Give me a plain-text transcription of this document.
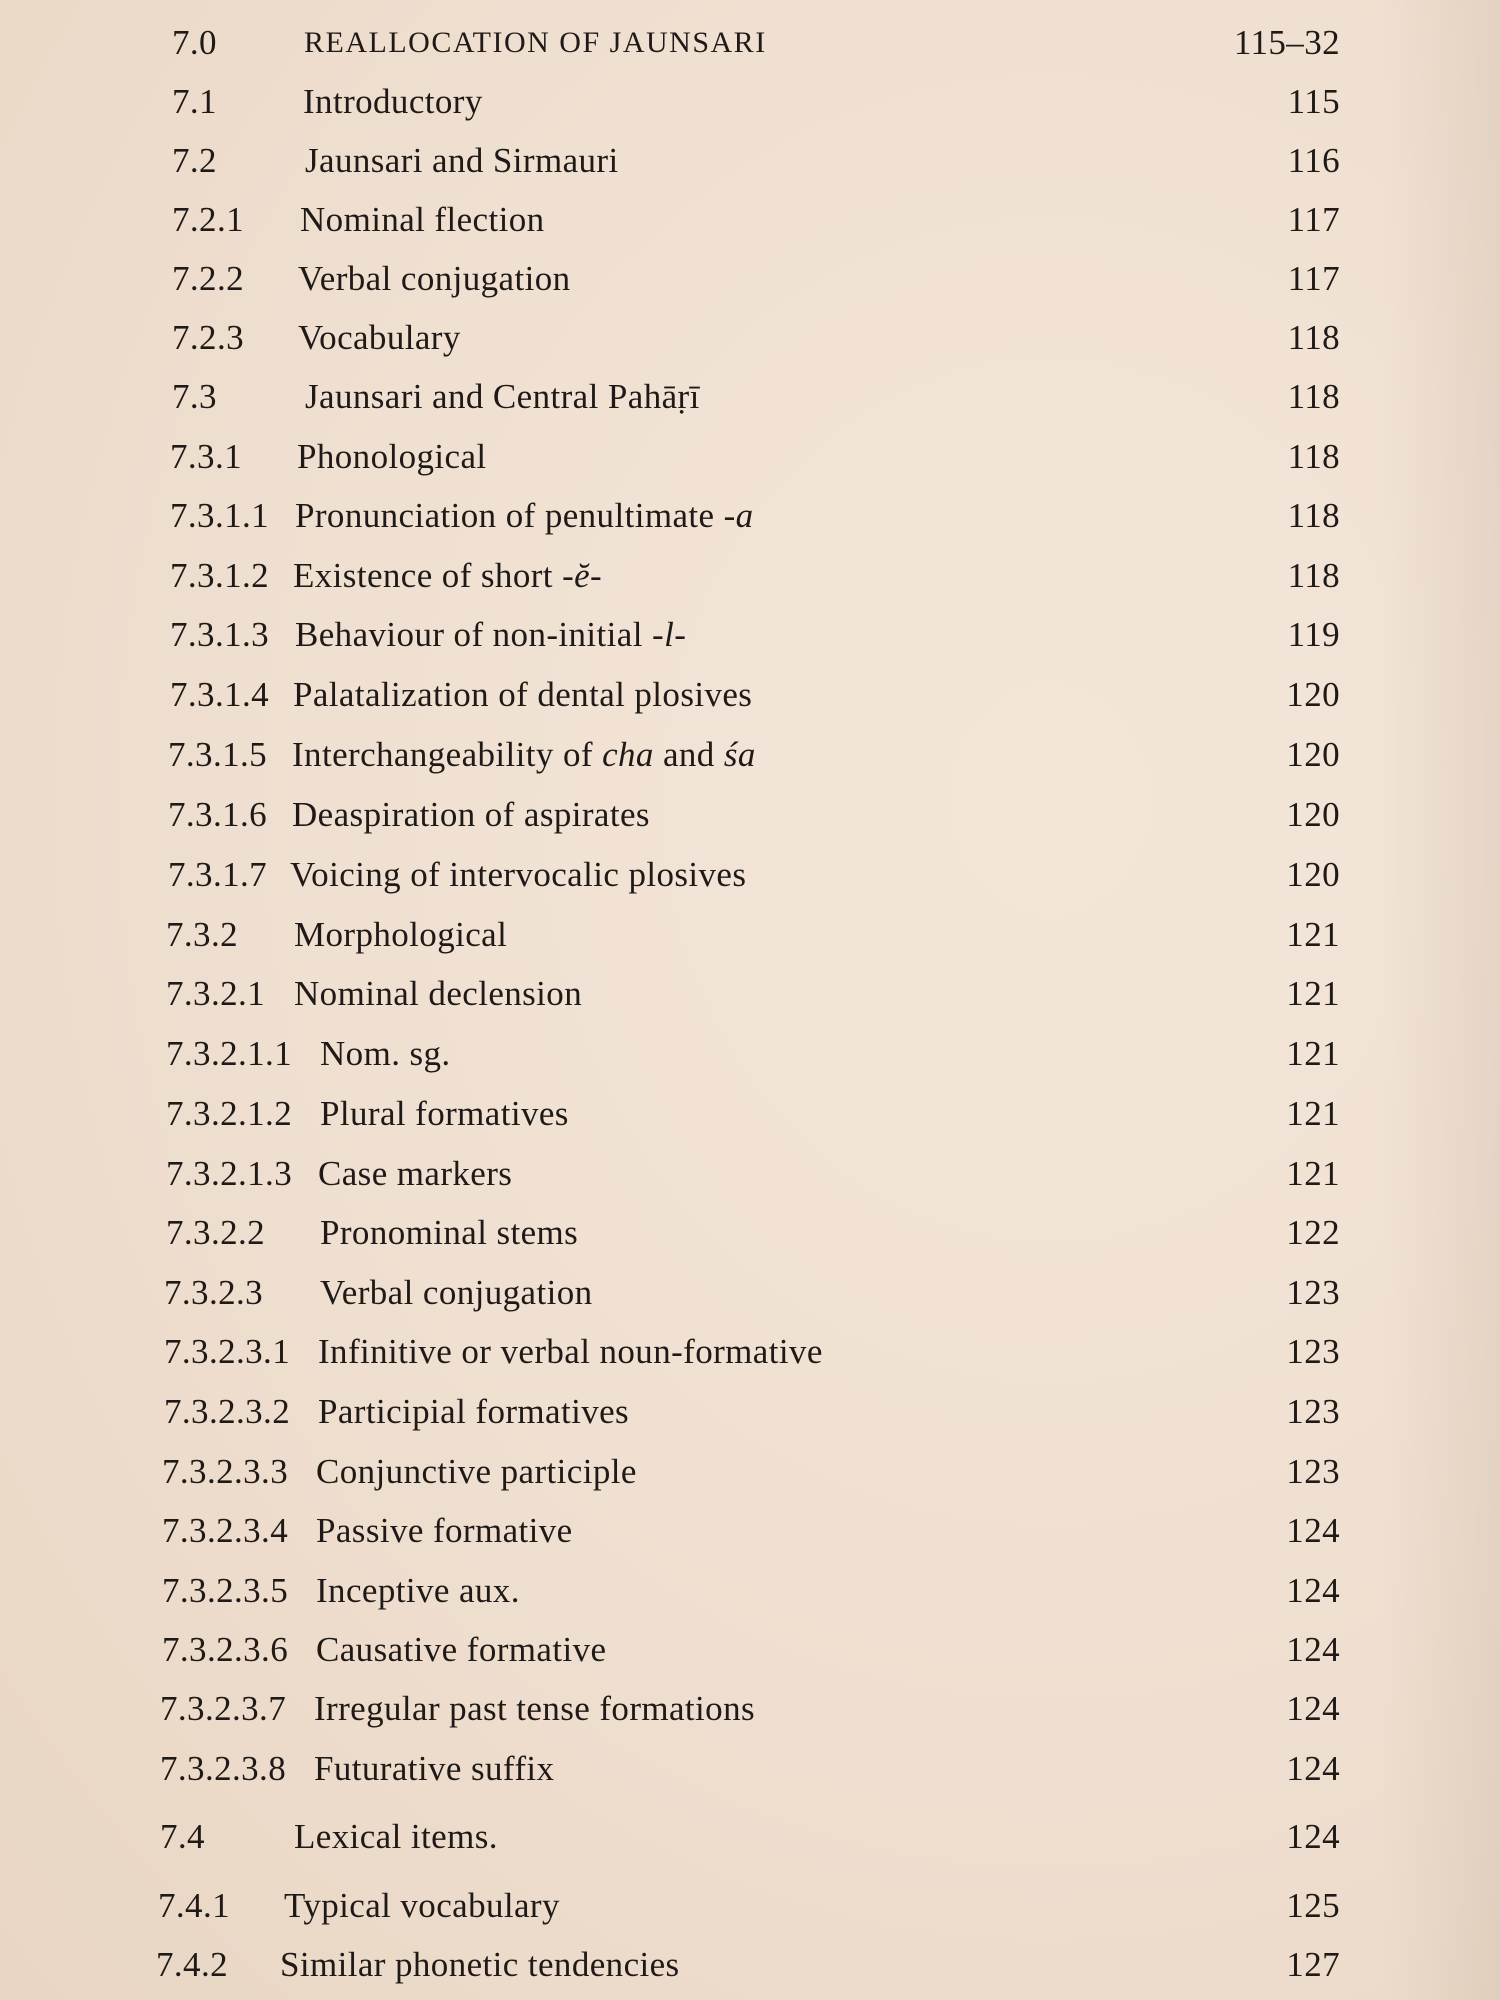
7.0	REALLOCATION OF JAUNSARI	115–32
7.1 Introductory	115
7.2	Jaunsari and Sirmauri	116
7.2.1 Nominal flection	117
7.2.2 Verbal conjugation	117
7.2.3 Vocabulary	118
7.3	Jaunsari and Central Pahāṛī	118
7.3.1 Phonological	118
7.3.1.1 Pronunciation of penultimate -a	118
7.3.1.2 Existence of short -ĕ-	118
7.3.1.3 Behaviour of non-initial -l-	119
7.3.1.4 Palatalization of dental plosives	120
7.3.1.5 Interchangeability of cha and śa	120
7.3.1.6 Deaspiration of aspirates	120
7.3.1.7 Voicing of intervocalic plosives	120
7.3.2 Morphological	121
7.3.2.1 Nominal declension	121
7.3.2.1.1 Nom. sg.	121
7.3.2.1.2 Plural formatives	121
7.3.2.1.3 Case markers	121
7.3.2.2 Pronominal stems	122
7.3.2.3 Verbal conjugation	123
7.3.2.3.1 Infinitive or verbal noun-formative	123
7.3.2.3.2 Participial formatives	123
7.3.2.3.3 Conjunctive participle	123
7.3.2.3.4 Passive formative	124
7.3.2.3.5 Inceptive aux.	124
7.3.2.3.6 Causative formative	124
7.3.2.3.7 Irregular past tense formations	124
7.3.2.3.8 Futurative suffix	124
7.4	Lexical items.	124
7.4.1 Typical vocabulary	125
7.4.2 Similar phonetic tendencies	127
